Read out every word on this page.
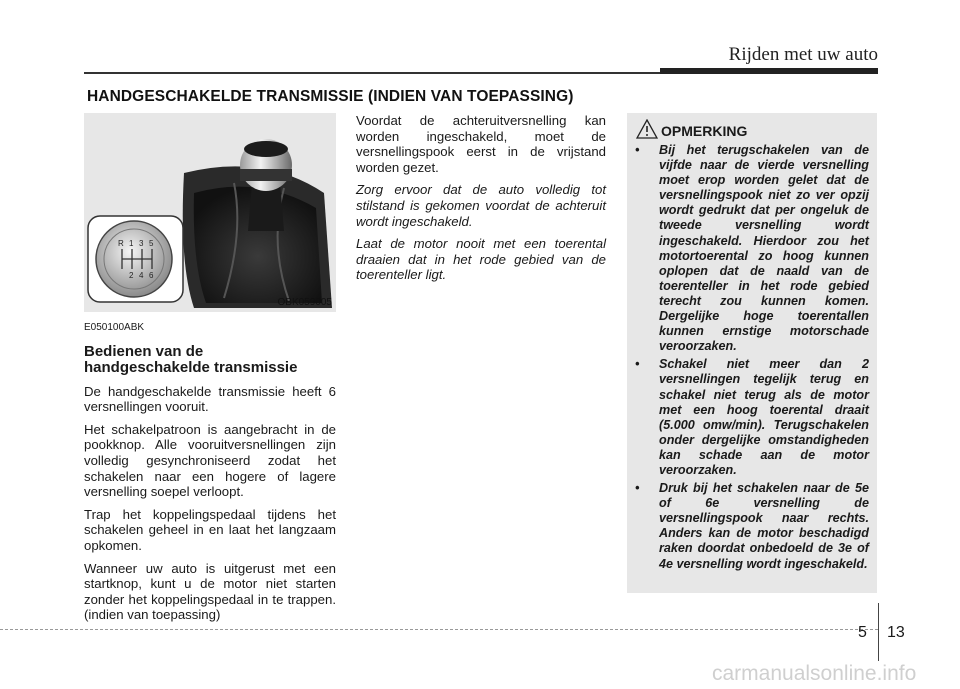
Rijden met uw auto
HANDGESCHAKELDE TRANSMISSIE (INDIEN VAN TOEPASSING)
R 1 3 5
2 4 6
OBK059005
E050100ABK
Bedienen van de
handgeschakelde transmissie

De handgeschakelde transmissie heeft 6 versnellingen vooruit.

Het schakelpatroon is aangebracht in de pookknop. Alle vooruitversnellingen zijn volledig gesynchroniseerd zodat het schakelen naar een hogere of lagere versnelling soepel verloopt.

Trap het koppelingspedaal tijdens het schakelen geheel in en laat het langzaam opkomen.

Wanneer uw auto is uitgerust met een startknop, kunt u de motor niet starten zonder het koppelingspedaal in te trappen. (indien van toepassing)

Voordat de achteruitversnelling kan worden ingeschakeld, moet de versnellingspook eerst in de vrijstand worden gezet.

Zorg ervoor dat de auto volledig tot stilstand is gekomen voordat de achteruit wordt ingeschakeld.

Laat de motor nooit met een toerental draaien dat in het rode gebied van de toerenteller ligt.

OPMERKING
• Bij het terugschakelen van de vijfde naar de vierde versnelling moet erop worden gelet dat de versnellingspook niet zo ver opzij wordt gedrukt dat per ongeluk de tweede versnelling wordt ingeschakeld. Hierdoor zou het motortoerental zo hoog kunnen oplopen dat de naald van de toerenteller in het rode gebied terecht zou kunnen komen. Dergelijke hoge toerentallen kunnen ernstige motorschade veroorzaken.
• Schakel niet meer dan 2 versnellingen tegelijk terug en schakel niet terug als de motor met een hoog toerental draait (5.000 omw/min). Terugschakelen onder dergelijke omstandigheden kan schade aan de motor veroorzaken.
• Druk bij het schakelen naar de 5e of 6e versnelling de versnellingspook naar rechts. Anders kan de motor beschadigd raken doordat onbedoeld de 3e of 4e versnelling wordt ingeschakeld.
5 13
carmanualsonline.info
